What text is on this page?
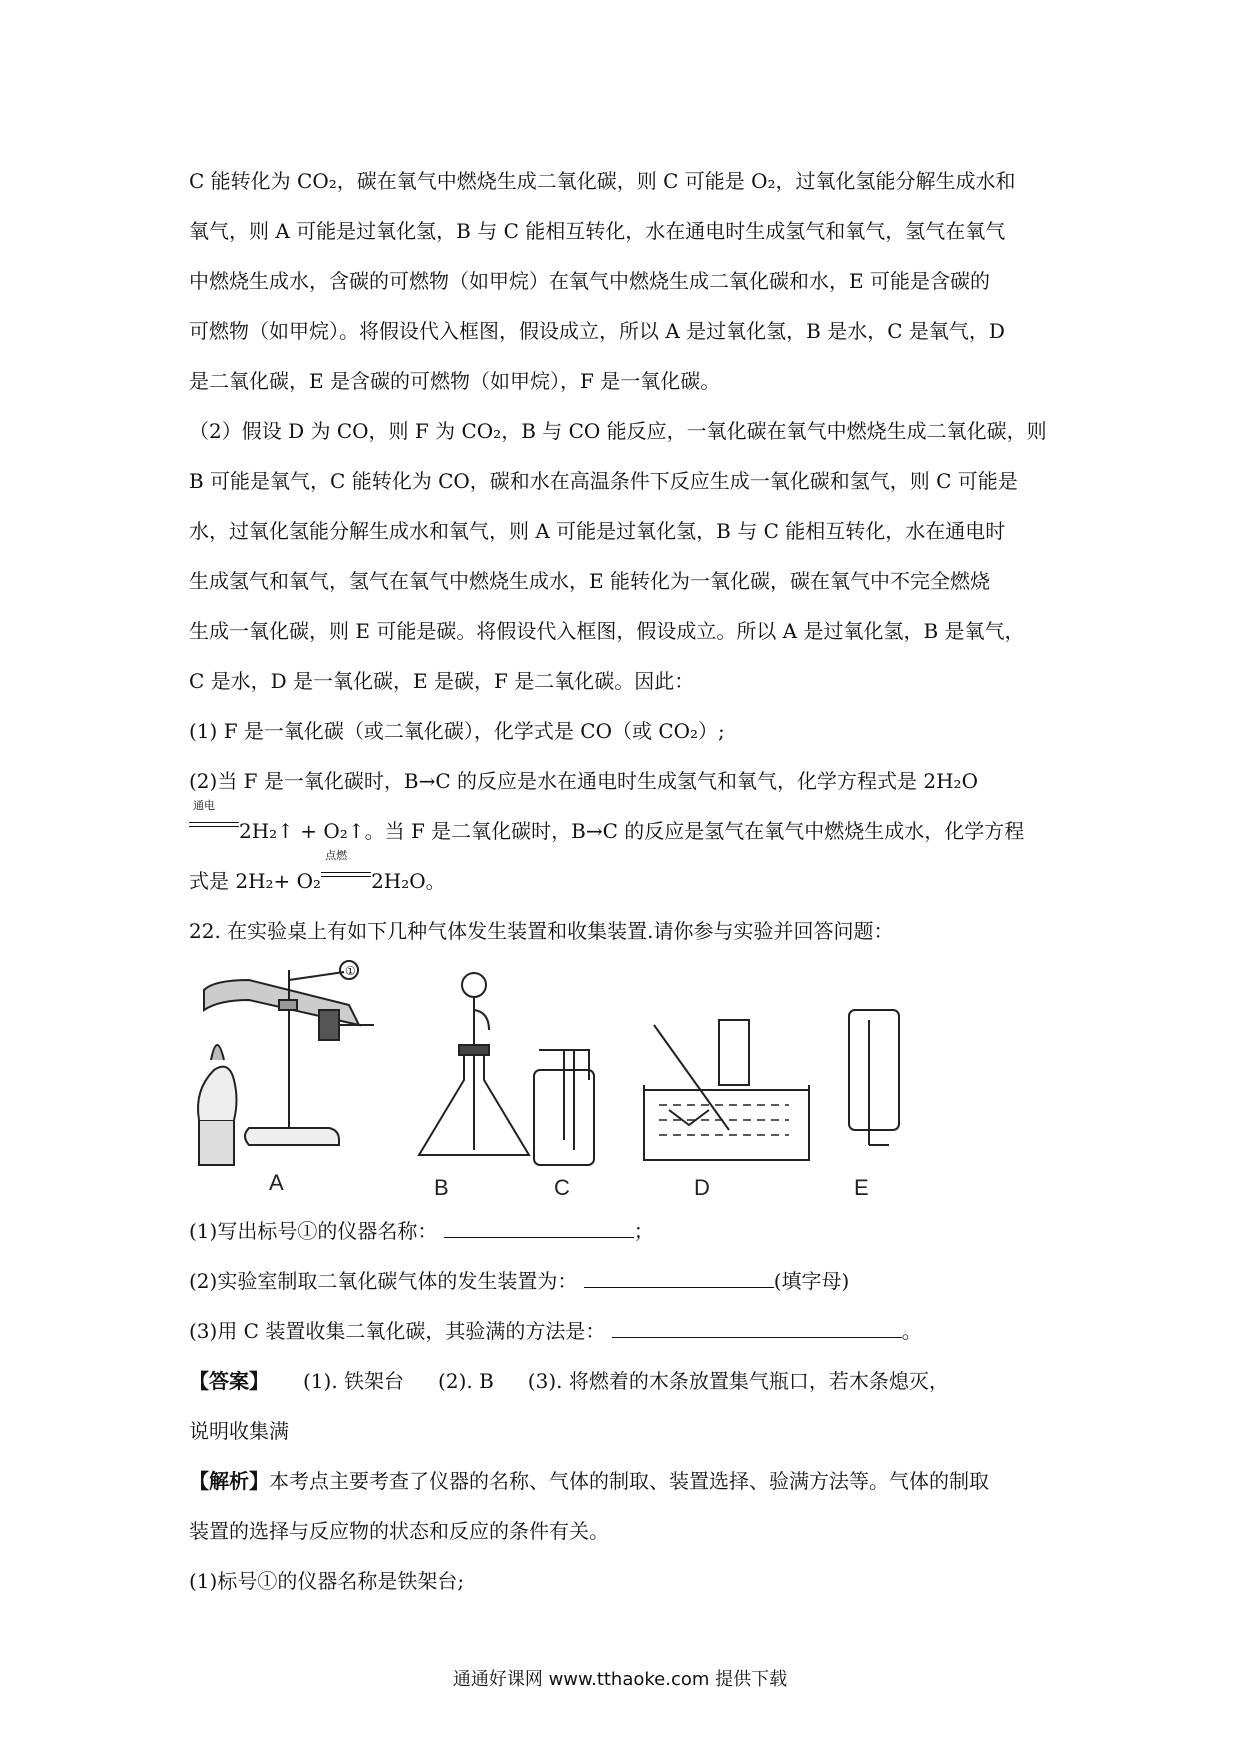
C 能转化为 CO₂，碳在氧气中燃烧生成二氧化碳，则 C 可能是 O₂，过氧化氢能分解生成水和

氧气，则 A 可能是过氧化氢，B 与 C 能相互转化，水在通电时生成氢气和氧气，氢气在氧气

中燃烧生成水，含碳的可燃物（如甲烷）在氧气中燃烧生成二氧化碳和水，E 可能是含碳的

可燃物（如甲烷）。将假设代入框图，假设成立，所以 A 是过氧化氢，B 是水，C 是氧气，D

是二氧化碳，E 是含碳的可燃物（如甲烷），F 是一氧化碳。

（2）假设 D 为 CO，则 F 为 CO₂，B 与 CO 能反应，一氧化碳在氧气中燃烧生成二氧化碳，则

B 可能是氧气，C 能转化为 CO，碳和水在高温条件下反应生成一氧化碳和氢气，则 C 可能是

水，过氧化氢能分解生成水和氧气，则 A 可能是过氧化氢，B 与 C 能相互转化，水在通电时

生成氢气和氧气，氢气在氧气中燃烧生成水，E 能转化为一氧化碳，碳在氧气中不完全燃烧

生成一氧化碳，则 E 可能是碳。将假设代入框图，假设成立。所以 A 是过氧化氢，B 是氧气，

C 是水，D 是一氧化碳，E 是碳，F 是二氧化碳。因此：

(1) F 是一氧化碳（或二氧化碳），化学式是 CO（或 CO₂）;

(2)当 F 是一氧化碳时，B→C 的反应是水在通电时生成氢气和氧气，化学方程式是 2H₂O

通电
2H₂↑ + O₂↑。当 F 是二氧化碳时，B→C 的反应是氢气在氧气中燃烧生成水，化学方程

式是 2H₂+ O₂
点燃
2H₂O。

22. 在实验桌上有如下几种气体发生装置和收集装置.请你参与实验并回答问题：

(1)写出标号①的仪器名称：	；

(2)实验室制取二氧化碳气体的发生装置为：	(填字母)

(3)用 C 装置收集二氧化碳，其验满的方法是：	。

【答案】 (1). 铁架台 (2). B (3). 将燃着的木条放置集气瓶口，若木条熄灭，

说明收集满

【解析】本考点主要考查了仪器的名称、气体的制取、装置选择、验满方法等。气体的制取

装置的选择与反应物的状态和反应的条件有关。

(1)标号①的仪器名称是铁架台;

①
A	B	C	D	E
通通好课网 www.tthaoke.com 提供下载
